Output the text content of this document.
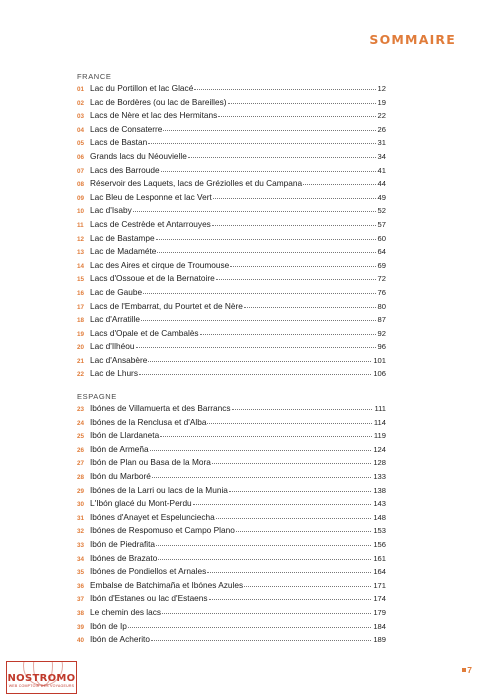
SOMMAIRE
FRANCE
01 Lac du Portillon et lac Glacé	12
02 Lac de Bordères (ou lac de Bareilles)	19
03 Lacs de Nère et lac des Hermitans	22
04 Lacs de Consaterre	26
05 Lacs de Bastan	31
06 Grands lacs du Néouvielle	34
07 Lacs des Barroude	41
08 Réservoir des Laquets, lacs de Gréziolles et du Campana	44
09 Lac Bleu de Lesponne et lac Vert	49
10 Lac d'Isaby	52
11 Lacs de Cestrède et Antarrouyes	57
12 Lac de Bastampe	60
13 Lac de Madaméte	64
14 Lac des Aires et cirque de Troumouse	69
15 Lacs d'Ossoue et de la Bernatoire	72
16 Lac de Gaube	76
17 Lacs de l'Embarrat, du Pourtet et de Nère	80
18 Lac d'Arratille	87
19 Lacs d'Opale et de Cambalès	92
20 Lac d'Ilhéou	96
21 Lac d'Ansabère	101
22 Lac de Lhurs	106
ESPAGNE
23 Ibónes de Villamuerta et des Barrancs	111
24 Ibónes de la Renclusa et d'Alba	114
25 Ibón de Llardaneta	119
26 Ibón de Armeña	124
27 Ibón de Plan ou Basa de la Mora	128
28 Ibón du Marboré	133
29 Ibónes de la Larri ou lacs de la Munia	138
30 L'Ibón glacé du Mont-Perdu	143
31 Ibónes d'Anayet et Espelunciecha	148
32 Ibónes de Respomuso et Campo Plano	153
33 Ibón de Piedrafita	156
34 Ibónes de Brazato	161
35 Ibónes de Pondiellos et Arnales	164
36 Embalse de Batchimaña et Ibónes Azules	171
37 Ibón d'Estanes ou lac d'Estaens	174
38 Le chemin des lacs	179
39 Ibón de Ip	184
40 Ibón de Acherito	189
7
NOSTROMO
WEB COMPTOIR DES VOYAGEURS
